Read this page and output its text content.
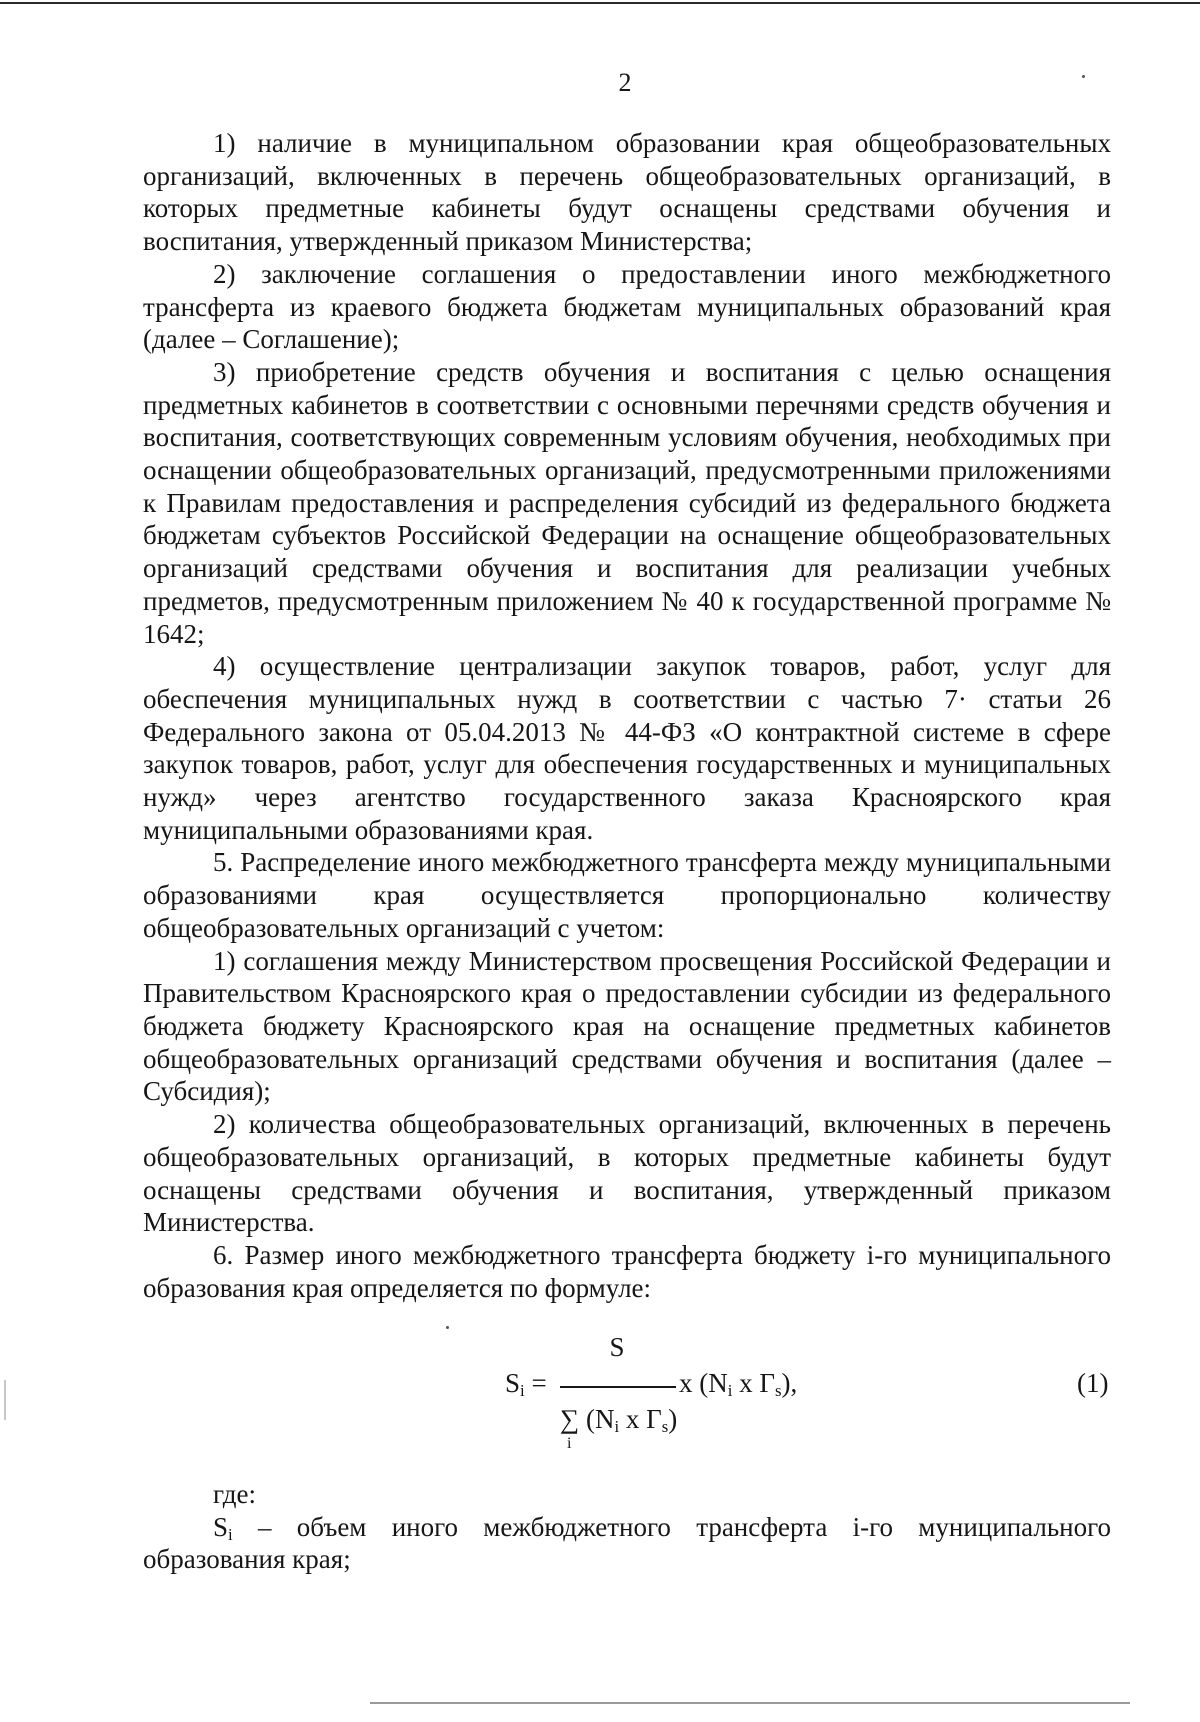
2

1) наличие в муниципальном образовании края общеобразовательных организаций, включенных в перечень общеобразовательных организаций, в которых предметные кабинеты будут оснащены средствами обучения и воспитания, утвержденный приказом Министерства;

2) заключение соглашения о предоставлении иного межбюджетного трансферта из краевого бюджета бюджетам муниципальных образований края (далее – Соглашение);

3) приобретение средств обучения и воспитания с целью оснащения предметных кабинетов в соответствии с основными перечнями средств обучения и воспитания, соответствующих современным условиям обучения, необходимых при оснащении общеобразовательных организаций, предусмотренными приложениями к Правилам предоставления и распределения субсидий из федерального бюджета бюджетам субъектов Российской Федерации на оснащение общеобразовательных организаций средствами обучения и воспитания для реализации учебных предметов, предусмотренным приложением № 40 к государственной программе № 1642;

4) осуществление централизации закупок товаров, работ, услуг для обеспечения муниципальных нужд в соответствии с частью 7· статьи 26 Федерального закона от 05.04.2013 № 44-ФЗ «О контрактной системе в сфере закупок товаров, работ, услуг для обеспечения государственных и муниципальных нужд» через агентство государственного заказа Красноярского края муниципальными образованиями края.

5. Распределение иного межбюджетного трансферта между муниципальными образованиями края осуществляется пропорционально количеству общеобразовательных организаций с учетом:

1) соглашения между Министерством просвещения Российской Федерации и Правительством Красноярского края о предоставлении субсидии из федерального бюджета бюджету Красноярского края на оснащение предметных кабинетов общеобразовательных организаций средствами обучения и воспитания (далее – Субсидия);

2) количества общеобразовательных организаций, включенных в перечень общеобразовательных организаций, в которых предметные кабинеты будут оснащены средствами обучения и воспитания, утвержденный приказом Министерства.

6. Размер иного межбюджетного трансферта бюджету i-го муниципального образования края определяется по формуле:

S
$S_i$ =	х ($N_i$ х $Г_s$),
∑ ($N_i$ х $Г_s$)
i
(1)

где:

$S_i$ – объем иного межбюджетного трансферта i-го муниципального образования края;
